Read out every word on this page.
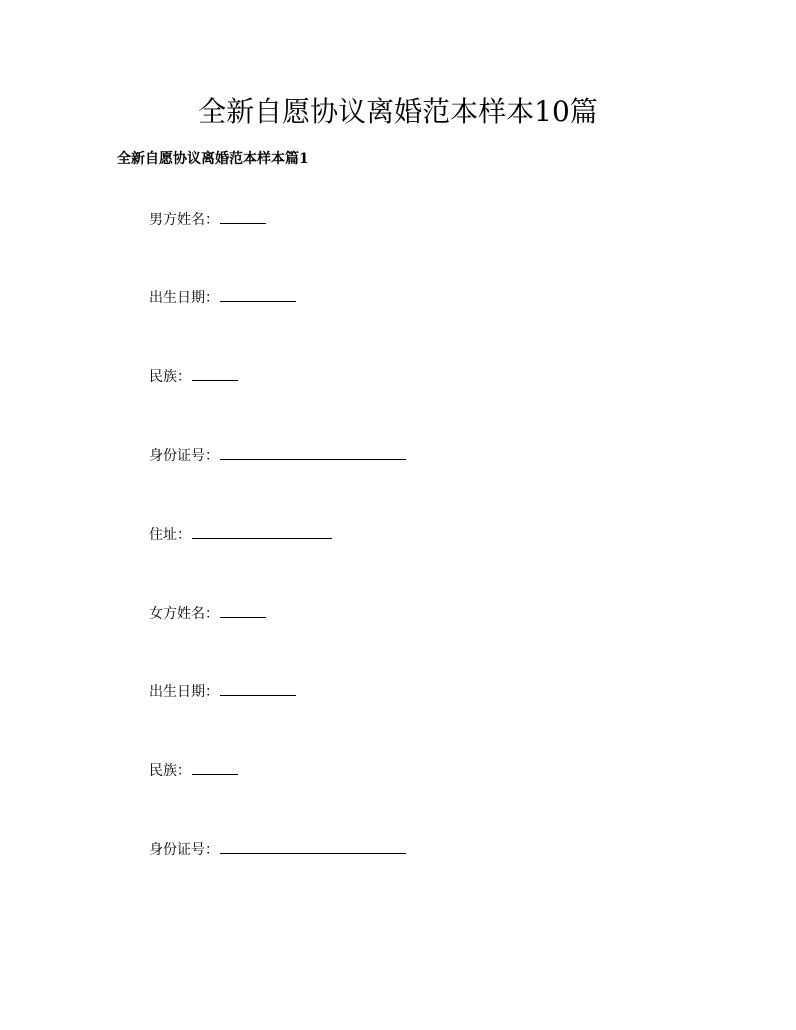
全新自愿协议离婚范本样本10篇
全新自愿协议离婚范本样本篇1
男方姓名：
出生日期：
民族：
身份证号：
住址：
女方姓名：
出生日期：
民族：
身份证号：
